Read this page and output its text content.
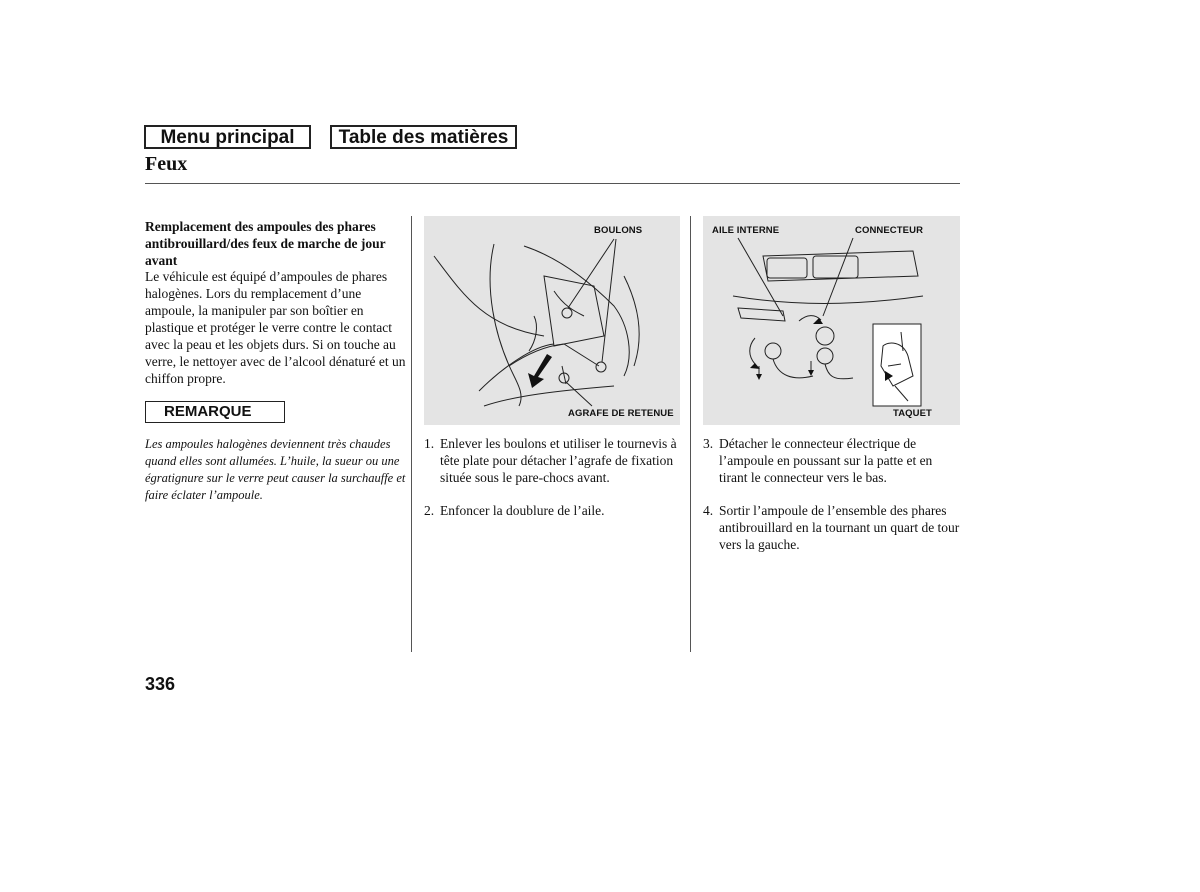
Menu principal	Table des matières
Feux
Remplacement des ampoules des phares antibrouillard/des feux de marche de jour avant
Le véhicule est équipé d’ampoules de phares halogènes. Lors du remplacement d’une ampoule, la manipuler par son boîtier en plastique et protéger le verre contre le contact avec la peau et les objets durs. Si on touche au verre, le nettoyer avec de l’alcool dénaturé et un chiffon propre.
REMARQUE
Les ampoules halogènes deviennent très chaudes quand elles sont allumées. L’huile, la sueur ou une égratignure sur le verre peut causer la surchauffe et faire éclater l’ampoule.
BOULONS
AGRAFE DE RETENUE
AILE INTERNE	CONNECTEUR
TAQUET
1. Enlever les boulons et utiliser le tournevis à tête plate pour détacher l’agrafe de fixation située sous le pare-chocs avant.
2. Enfoncer la doublure de l’aile.
3. Détacher le connecteur électrique de l’ampoule en poussant sur la patte et en tirant le connecteur vers le bas.
4. Sortir l’ampoule de l’ensemble des phares antibrouillard en la tournant un quart de tour vers la gauche.
336
